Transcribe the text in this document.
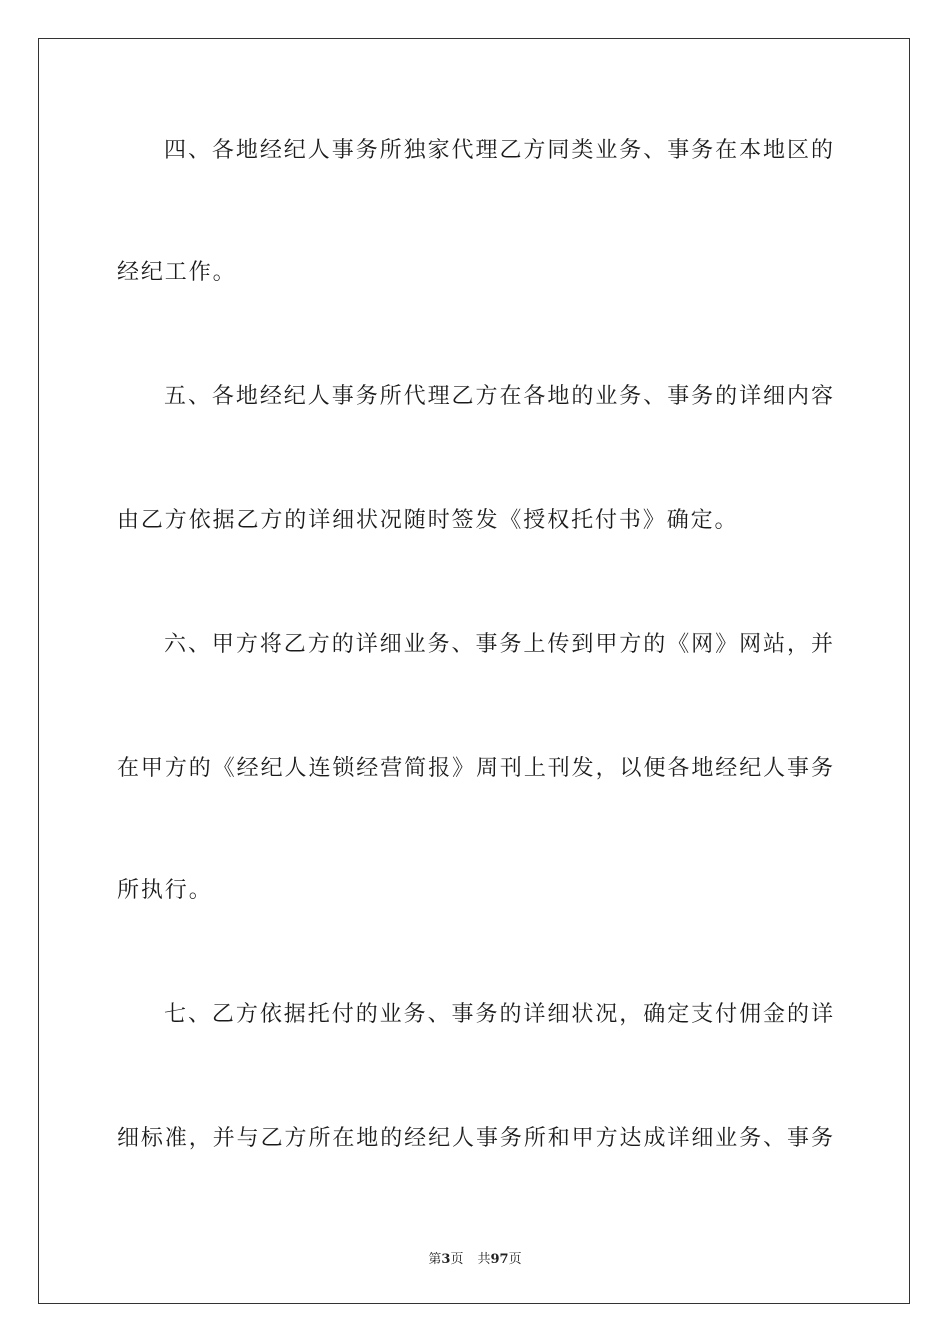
四、各地经纪人事务所独家代理乙方同类业务、事务在本地区的
经纪工作。
五、各地经纪人事务所代理乙方在各地的业务、事务的详细内容
由乙方依据乙方的详细状况随时签发《授权托付书》确定。
六、甲方将乙方的详细业务、事务上传到甲方的《网》网站，并
在甲方的《经纪人连锁经营简报》周刊上刊发，以便各地经纪人事务
所执行。
七、乙方依据托付的业务、事务的详细状况，确定支付佣金的详
细标准，并与乙方所在地的经纪人事务所和甲方达成详细业务、事务
第3页 共97页
